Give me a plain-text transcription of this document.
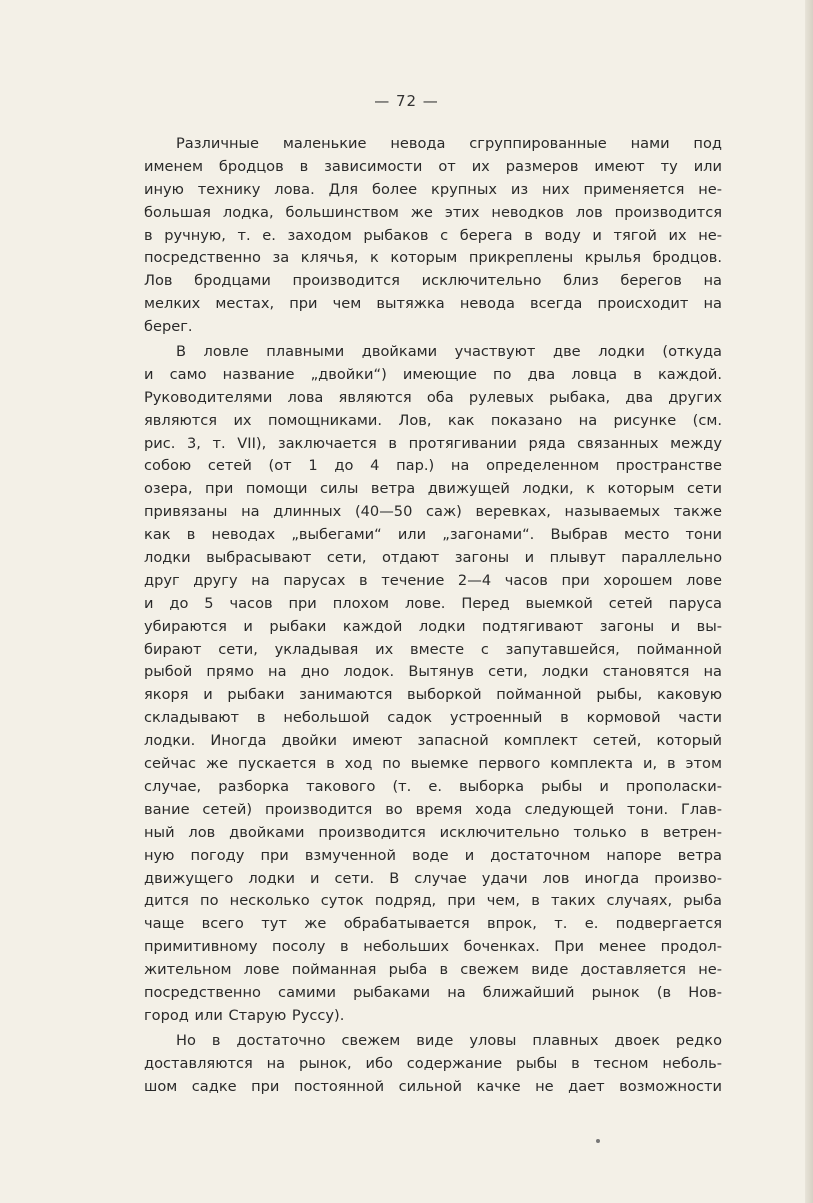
— 72 —
Различные маленькие невода сгруппированные нами под
именем бродцов в зависимости от их размеров имеют ту или
иную технику лова. Для более крупных из них применяется не-
большая лодка, большинством же этих неводков лов производится
в ручную, т. е. заходом рыбаков с берега в воду и тягой их не-
посредственно за клячья, к которым прикреплены крылья бродцов.
Лов бродцами производится исключительно близ берегов на
мелких местах, при чем вытяжка невода всегда происходит на
берег.
В ловле плавными двойками участвуют две лодки (откуда
и само название „двойки“) имеющие по два ловца в каждой.
Руководителями лова являются оба рулевых рыбака, два других
являются их помощниками. Лов, как показано на рисунке (см.
рис. 3, т. VII), заключается в протягивании ряда связанных между
собою сетей (от 1 до 4 пар.) на определенном пространстве
озера, при помощи силы ветра движущей лодки, к которым сети
привязаны на длинных (40—50 саж) веревках, называемых также
как в неводах „выбегами“ или „загонами“. Выбрав место тони
лодки выбрасывают сети, отдают загоны и плывут параллельно
друг другу на парусах в течение 2—4 часов при хорошем лове
и до 5 часов при плохом лове. Перед выемкой сетей паруса
убираются и рыбаки каждой лодки подтягивают загоны и вы-
бирают сети, укладывая их вместе с запутавшейся, пойманной
рыбой прямо на дно лодок. Вытянув сети, лодки становятся на
якоря и рыбаки занимаются выборкой пойманной рыбы, каковую
складывают в небольшой садок устроенный в кормовой части
лодки. Иногда двойки имеют запасной комплект сетей, который
сейчас же пускается в ход по выемке первого комплекта и, в этом
случае, разборка такового (т. е. выборка рыбы и прополаски-
вание сетей) производится во время хода следующей тони. Глав-
ный лов двойками производится исключительно только в ветрен-
ную погоду при взмученной воде и достаточном напоре ветра
движущего лодки и сети. В случае удачи лов иногда произво-
дится по несколько суток подряд, при чем, в таких случаях, рыба
чаще всего тут же обрабатывается впрок, т. е. подвергается
примитивному посолу в небольших боченках. При менее продол-
жительном лове пойманная рыба в свежем виде доставляется не-
посредственно самими рыбаками на ближайший рынок (в Нов-
город или Старую Руссу).
Но в достаточно свежем виде уловы плавных двоек редко
доставляются на рынок, ибо содержание рыбы в тесном неболь-
шом садке при постоянной сильной качке не дает возможности
